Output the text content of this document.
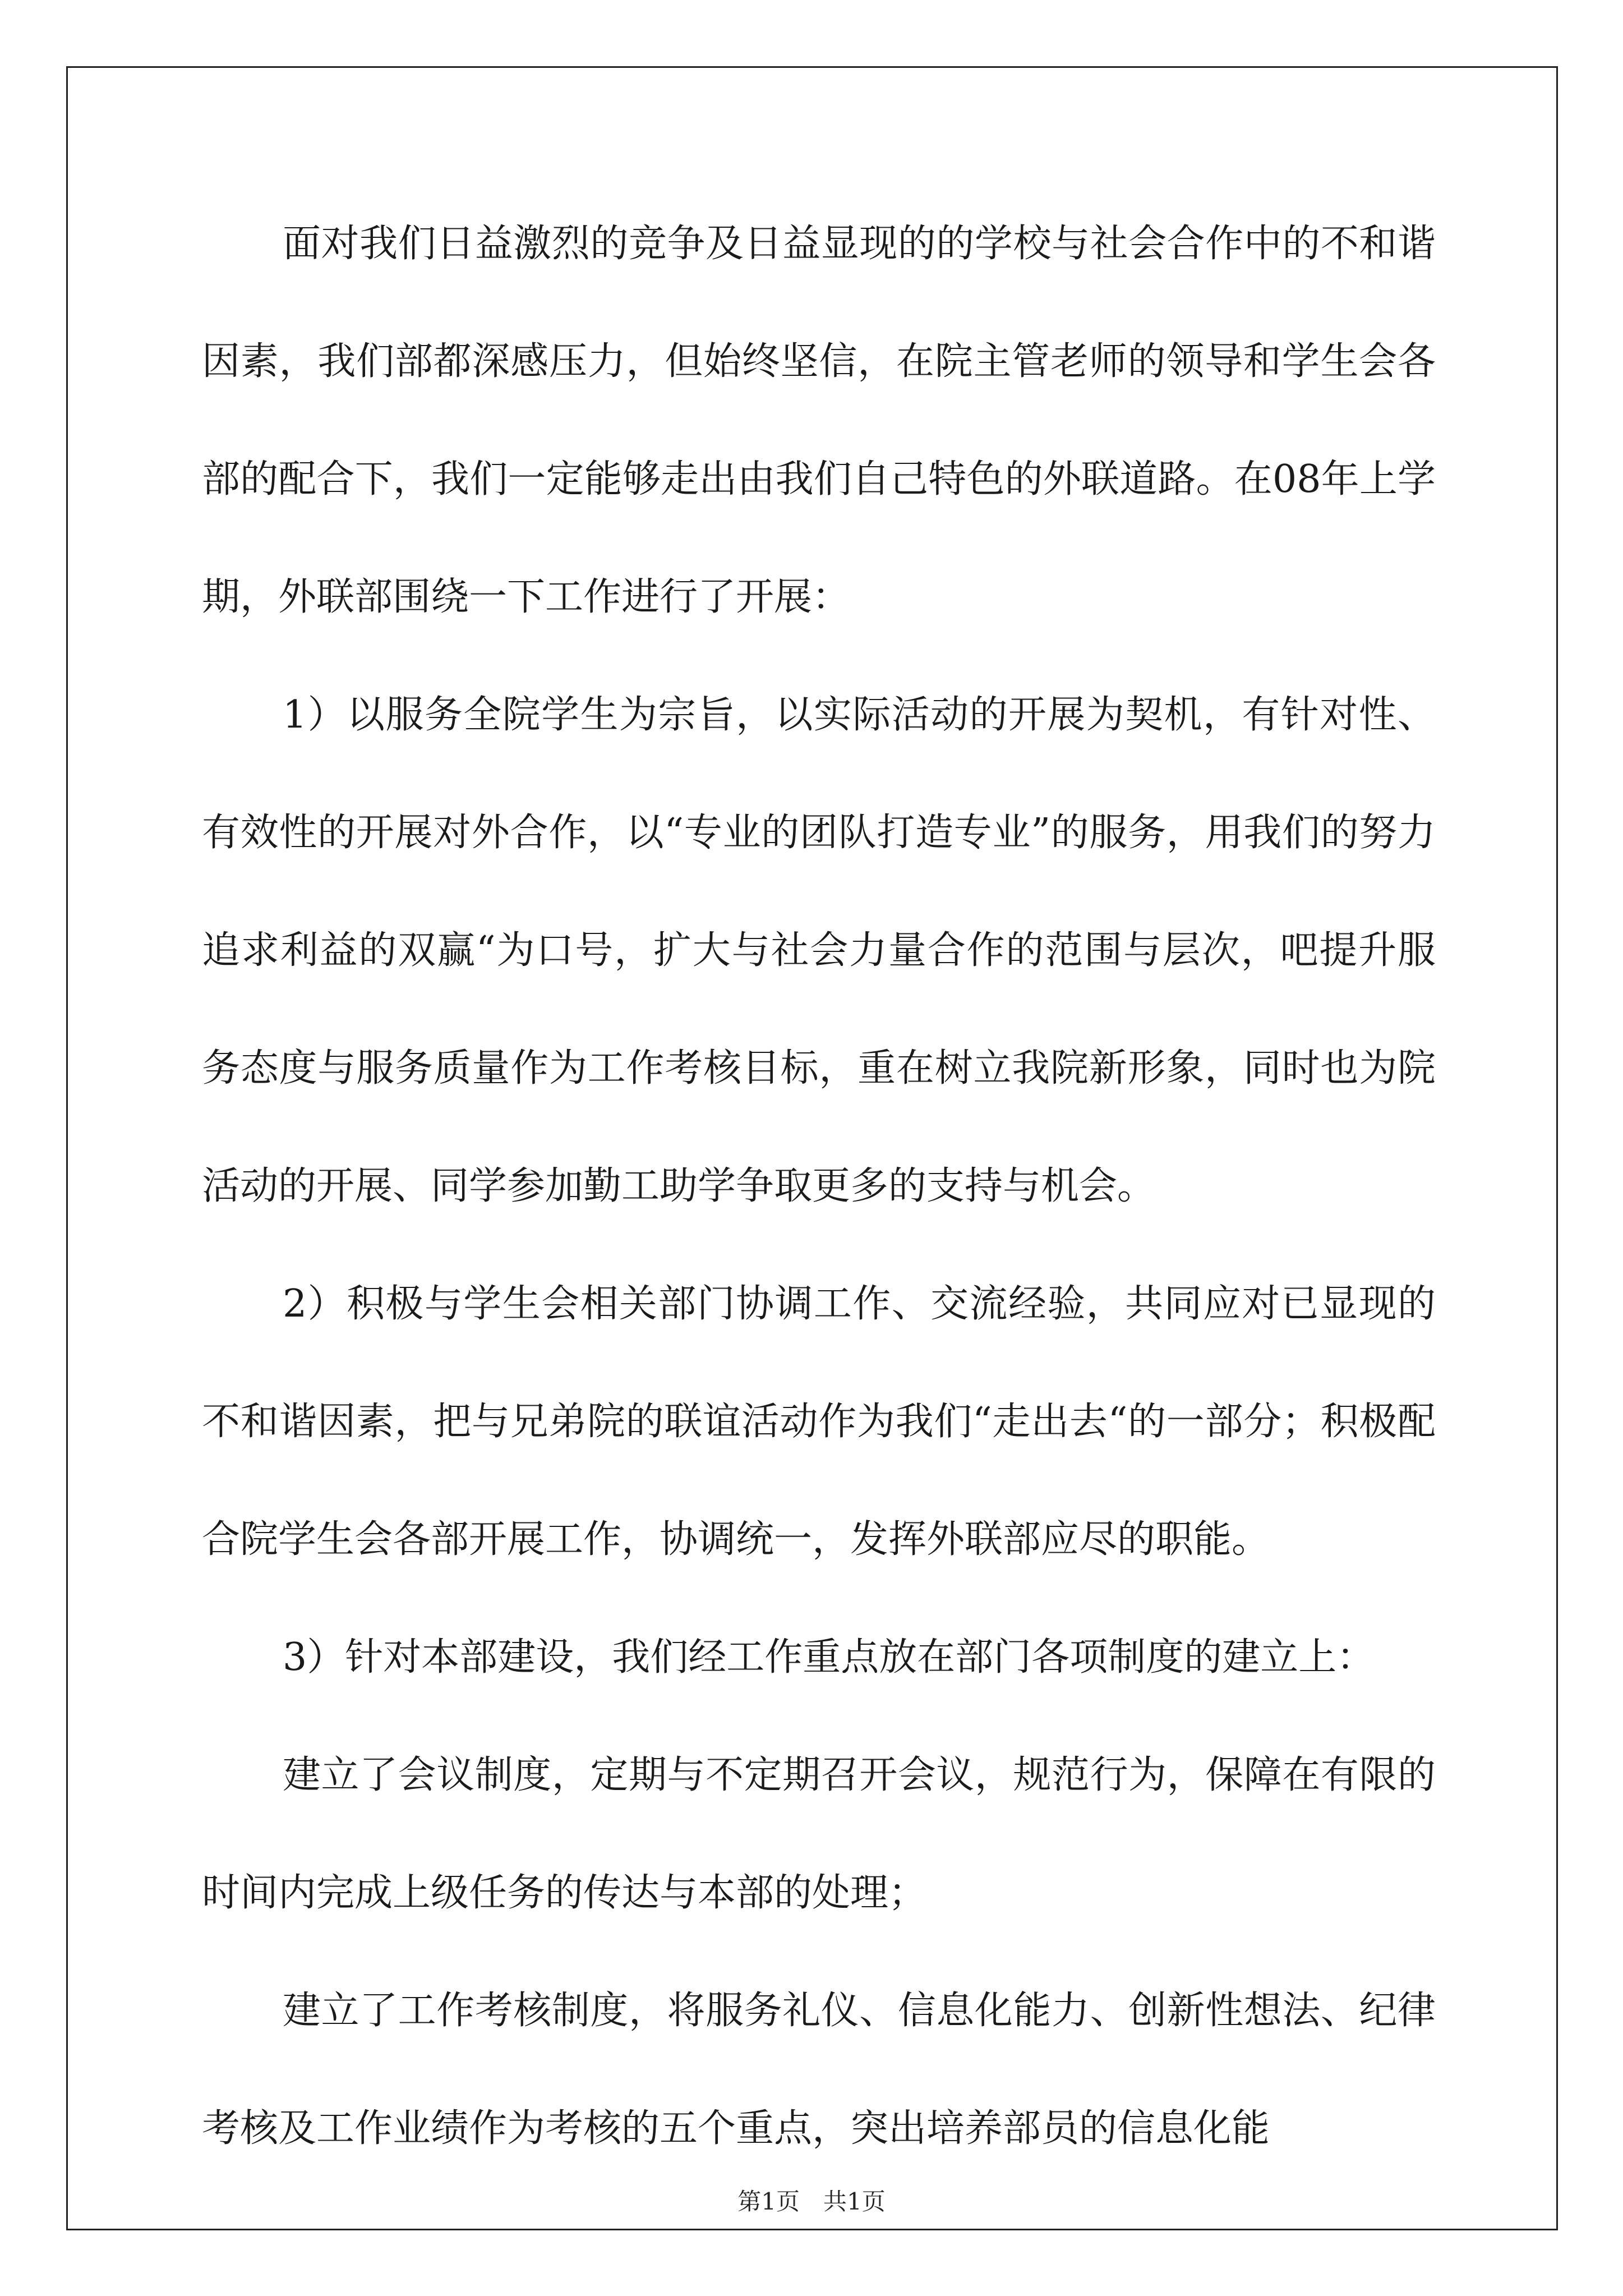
面对我们日益激烈的竞争及日益显现的的学校与社会合作中的不和谐因素，我们部都深感压力，但始终坚信，在院主管老师的领导和学生会各部的配合下，我们一定能够走出由我们自己特色的外联道路。在08年上学期，外联部围绕一下工作进行了开展：

1）以服务全院学生为宗旨，以实际活动的开展为契机，有针对性、有效性的开展对外合作，以“专业的团队打造专业”的服务，用我们的努力追求利益的双赢“为口号，扩大与社会力量合作的范围与层次，吧提升服务态度与服务质量作为工作考核目标，重在树立我院新形象，同时也为院活动的开展、同学参加勤工助学争取更多的支持与机会。

2）积极与学生会相关部门协调工作、交流经验，共同应对已显现的不和谐因素，把与兄弟院的联谊活动作为我们“走出去“的一部分；积极配合院学生会各部开展工作，协调统一，发挥外联部应尽的职能。

3）针对本部建设，我们经工作重点放在部门各项制度的建立上：

建立了会议制度，定期与不定期召开会议，规范行为，保障在有限的时间内完成上级任务的传达与本部的处理；

建立了工作考核制度，将服务礼仪、信息化能力、创新性想法、纪律考核及工作业绩作为考核的五个重点，突出培养部员的信息化能

第1页　共1页
